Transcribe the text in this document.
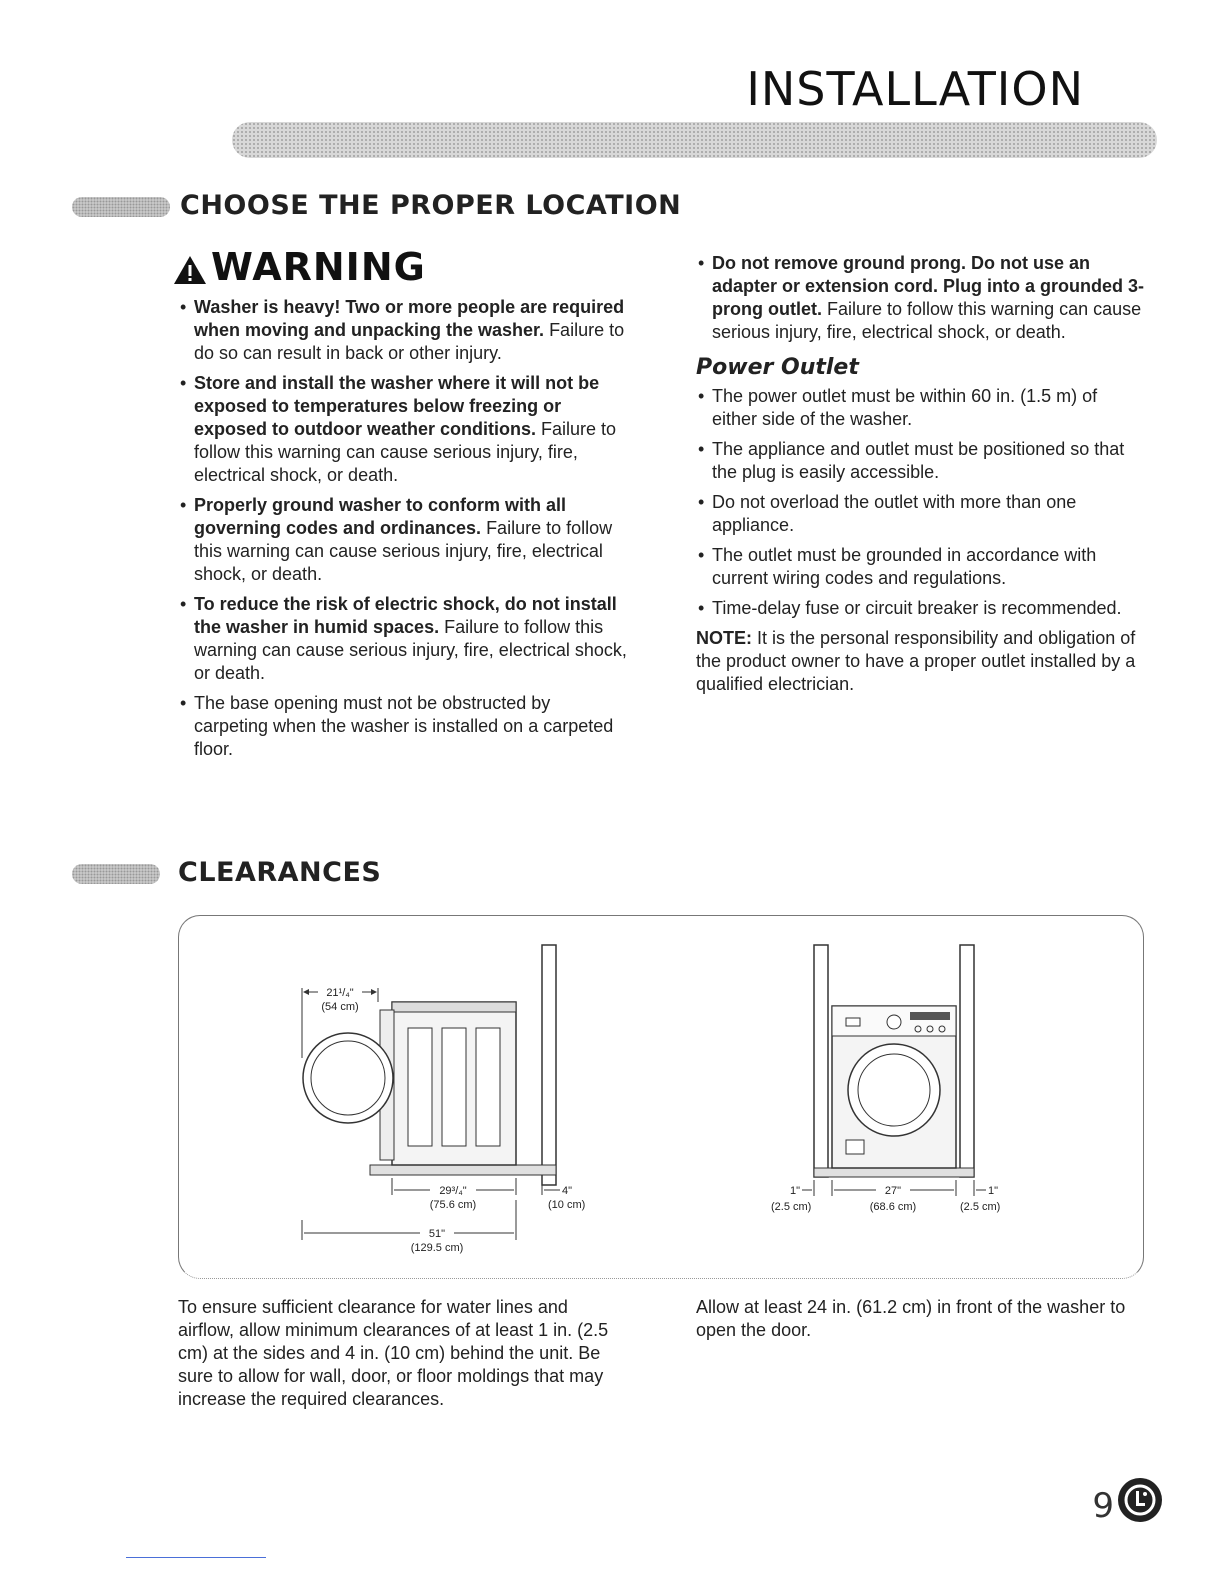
INSTALLATION
CHOOSE THE PROPER LOCATION
WARNING
• Washer is heavy! Two or more people are required when moving and unpacking the washer. Failure to do so can result in back or other injury.
• Store and install the washer where it will not be exposed to temperatures below freezing or exposed to outdoor weather conditions. Failure to follow this warning can cause serious injury, fire, electrical shock, or death.
• Properly ground washer to conform with all governing codes and ordinances. Failure to follow this warning can cause serious injury, fire, electrical shock, or death.
• To reduce the risk of electric shock, do not install the washer in humid spaces. Failure to follow this warning can cause serious injury, fire, electrical shock, or death.
• The base opening must not be obstructed by carpeting when the washer is installed on a carpeted floor.
• Do not remove ground prong. Do not use an adapter or extension cord. Plug into a grounded 3-prong outlet. Failure to follow this warning can cause serious injury, fire, electrical shock, or death.
Power Outlet
• The power outlet must be within 60 in. (1.5 m) of either side of the washer.
• The appliance and outlet must be positioned so that the plug is easily accessible.
• Do not overload the outlet with more than one appliance.
• The outlet must be grounded in accordance with current wiring codes and regulations.
• Time-delay fuse or circuit breaker is recommended.
NOTE: It is the personal responsibility and obligation of the product owner to have a proper outlet installed by a qualified electrician.
CLEARANCES
21¹/₄"
(54 cm)
29³/₄"
(75.6 cm)
4"
(10 cm)
51"
(129.5 cm)
1"
(2.5 cm)
27"
(68.6 cm)
1"
(2.5 cm)
To ensure sufficient clearance for water lines and airflow, allow minimum clearances of at least 1 in. (2.5 cm) at the sides and 4 in. (10 cm) behind the unit. Be sure to allow for wall, door, or floor moldings that may increase the required clearances.
Allow at least 24 in. (61.2 cm) in front of the washer to open the door.
9
